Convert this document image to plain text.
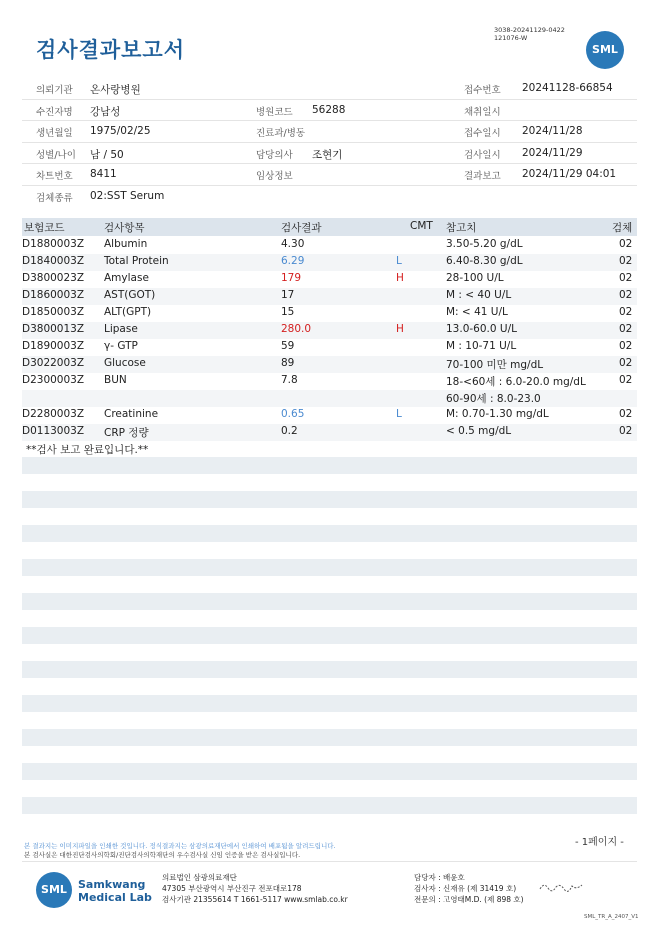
검사결과보고서
3038-20241129-0422
121076-W
SML
의뢰기관 온사랑병원	접수번호 20241128-66854
수진자명 강남성	병원코드 56288	채취일시
생년월일 1975/02/25	진료과/병동	접수일시 2024/11/28
성별/나이 남 / 50	담당의사 조현기	검사일시 2024/11/29
차트번호 8411	임상정보	결과보고 2024/11/29 04:01
검체종류 02:SST Serum
보험코드	검사항목	검사결과	CMT 참고치	검체
D1880003Z Albumin	4.30	3.50-5.20 g/dL	02
D1840003Z Total Protein	6.29	L	6.40-8.30 g/dL	02
D3800023Z Amylase	179	H	28-100 U/L	02
D1860003Z AST(GOT)	17	M : < 40 U/L	02
D1850003Z ALT(GPT)	15	M: < 41 U/L	02
D3800013Z Lipase	280.0	H	13.0-60.0 U/L	02
D1890003Z γ- GTP	59	M : 10-71 U/L	02
D3022003Z Glucose	89	70-100 미만 mg/dL	02
D2300003Z BUN	7.8	18-<60세 : 6.0-20.0 mg/dL	02
60-90세 : 8.0-23.0
D2280003Z Creatinine	0.65	L	M: 0.70-1.30 mg/dL	02
D0113003Z CRP 정량	0.2	< 0.5 mg/dL	02
**검사 보고 완료입니다.**
- 1페이지 -
본 결과지는 이미지파일을 인쇄한 것입니다. 정식결과지는 삼광의료재단에서 인쇄하여 배포됨을 알려드립니다.
본 검사실은 대한진단검사의학회/진단검사의학재단의 우수검사실 신임 인증을 받은 검사실입니다.
SML	Samkwang
Medical Lab
의료법인 삼광의료재단
47305 부산광역시 부산진구 전포대로178
검사기관 21355614 T 1661-5117 www.smlab.co.kr
담당자 : 배윤호
검사자 : 신재유 (제 31419 호)
전문의 : 고영태M.D. (제 898 호)
SML_TR_A_2407_V1
